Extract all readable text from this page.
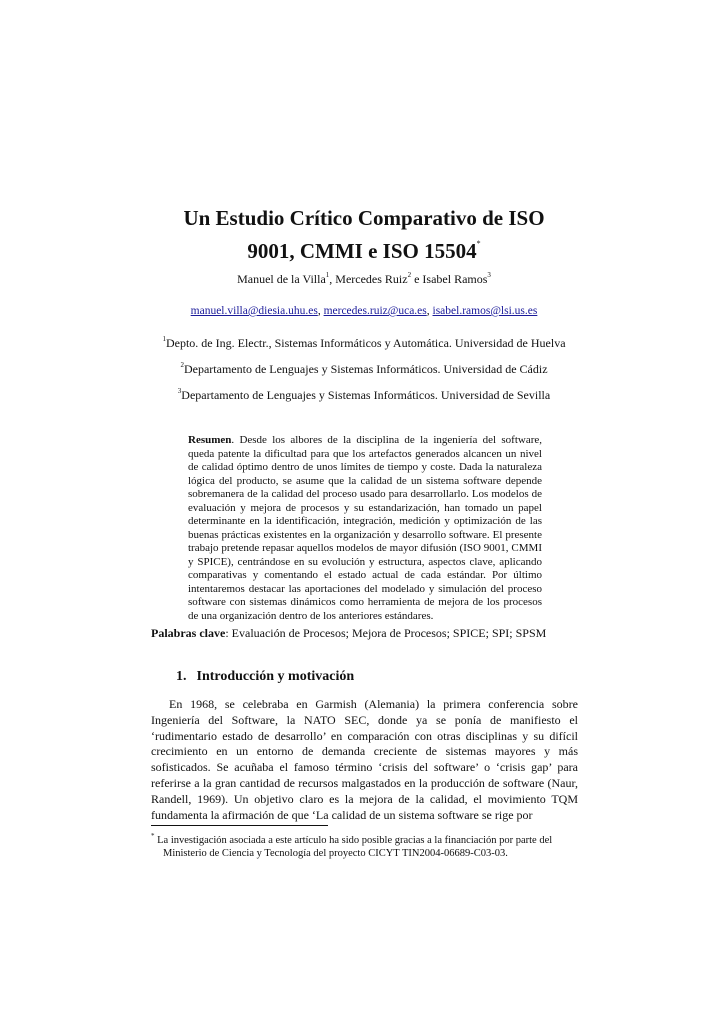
Un Estudio Crítico Comparativo de ISO
9001, CMMI e ISO 15504*
Manuel de la Villa$^1$, Mercedes Ruiz$^2$ e Isabel Ramos$^3$
manuel.villa@diesia.uhu.es, mercedes.ruiz@uca.es, isabel.ramos@lsi.us.es
$^1$Depto. de Ing. Electr., Sistemas Informáticos y Automática. Universidad de Huelva
$^2$Departamento de Lenguajes y Sistemas Informáticos. Universidad de Cádiz
$^3$Departamento de Lenguajes y Sistemas Informáticos. Universidad de Sevilla
Resumen. Desde los albores de la disciplina de la ingeniería del software, queda patente la dificultad para que los artefactos generados alcancen un nivel de calidad óptimo dentro de unos límites de tiempo y coste. Dada la naturaleza lógica del producto, se asume que la calidad de un sistema software depende sobremanera de la calidad del proceso usado para desarrollarlo. Los modelos de evaluación y mejora de procesos y su estandarización, han tomado un papel determinante en la identificación, integración, medición y optimización de las buenas prácticas existentes en la organización y desarrollo software. El presente trabajo pretende repasar aquellos modelos de mayor difusión (ISO 9001, CMMI y SPICE), centrándose en su evolución y estructura, aspectos clave, aplicando comparativas y comentando el estado actual de cada estándar. Por último intentaremos destacar las aportaciones del modelado y simulación del proceso software con sistemas dinámicos como herramienta de mejora de los procesos de una organización dentro de los anteriores estándares.
Palabras clave: Evaluación de Procesos; Mejora de Procesos; SPICE; SPI; SPSM
1. Introducción y motivación
En 1968, se celebraba en Garmish (Alemania) la primera conferencia sobre Ingeniería del Software, la NATO SEC, donde ya se ponía de manifiesto el ‘rudimentario estado de desarrollo’ en comparación con otras disciplinas y su difícil crecimiento en un entorno de demanda creciente de sistemas mayores y más sofisticados. Se acuñaba el famoso término ‘crisis del software’ o ‘crisis gap’ para referirse a la gran cantidad de recursos malgastados en la producción de software (Naur, Randell, 1969). Un objetivo claro es la mejora de la calidad, el movimiento TQM fundamenta la afirmación de que ‘La calidad de un sistema software se rige por
* La investigación asociada a este artículo ha sido posible gracias a la financiación por parte del
Ministerio de Ciencia y Tecnología del proyecto CICYT TIN2004-06689-C03-03.
